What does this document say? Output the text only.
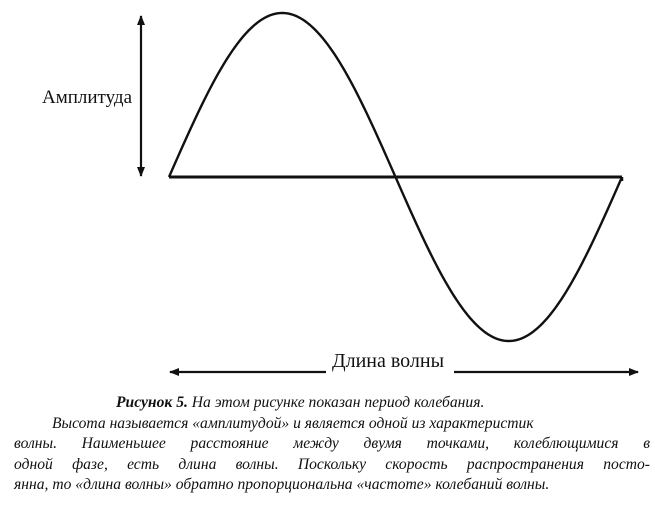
Амплитуда
Длина волны
Рисунок 5. На этом рисунке показан период колебания.
Высота называется «амплитудой» и является одной из характеристик
волны. Наименьшее расстояние между двумя точками, колеблющимися в
одной фазе, есть длина волны. Поскольку скорость распространения посто-
янна, то «длина волны» обратно пропорциональна «частоте» колебаний волны.
